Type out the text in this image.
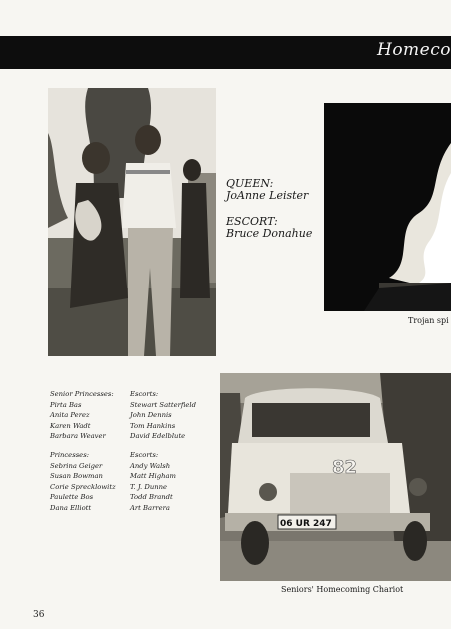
Homeco
QUEEN:
JoAnne Leister
ESCORT:
Bruce Donahue
Trojan spi
Senior Princesses:
Pirta Bas
Anita Perez
Karen Wadt
Barbara Weaver
Escorts:
Stewart Satterfield
John Dennis
Tom Hankins
David Edelblute
Princesses:
Sebrina Geiger
Susan Bowman
Corie Sprecklowitz
Paulette Bos
Dana Elliott
Escorts:
Andy Walsh
Matt Higham
T. J. Dunne
Todd Brandt
Art Barrera
82
06 UR 247
Seniors' Homecoming Chariot
36
